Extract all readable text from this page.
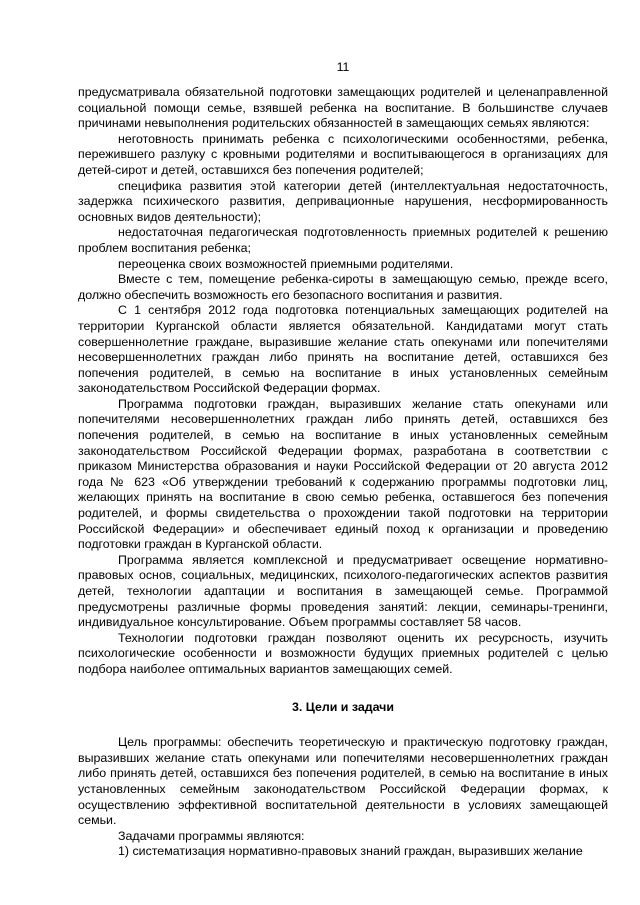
11

предусматривала обязательной подготовки замещающих родителей и целенаправленной социальной помощи семье, взявшей ребенка на воспитание. В большинстве случаев причинами невыполнения родительских обязанностей в замещающих семьях являются:

неготовность принимать ребенка с психологическими особенностями, ребенка, пережившего разлуку с кровными родителями и воспитывающегося в организациях для детей-сирот и детей, оставшихся без попечения родителей;

специфика развития этой категории детей (интеллектуальная недостаточность, задержка психического развития, депривационные нарушения, несформированность основных видов деятельности);

недостаточная педагогическая подготовленность приемных родителей к решению проблем воспитания ребенка;

переоценка своих возможностей приемными родителями.

Вместе с тем, помещение ребенка-сироты в замещающую семью, прежде всего, должно обеспечить возможность его безопасного воспитания и развития.

С 1 сентября 2012 года подготовка потенциальных замещающих родителей на территории Курганской области является обязательной. Кандидатами могут стать совершеннолетние граждане, выразившие желание стать опекунами или попечителями несовершеннолетних граждан либо принять на воспитание детей, оставшихся без попечения родителей, в семью на воспитание в иных установленных семейным законодательством Российской Федерации формах.

Программа подготовки граждан, выразивших желание стать опекунами или попечителями несовершеннолетних граждан либо принять детей, оставшихся без попечения родителей, в семью на воспитание в иных установленных семейным законодательством Российской Федерации формах, разработана в соответствии с приказом Министерства образования и науки Российской Федерации от 20 августа 2012 года № 623 «Об утверждении требований к содержанию программы подготовки лиц, желающих принять на воспитание в свою семью ребенка, оставшегося без попечения родителей, и формы свидетельства о прохождении такой подготовки на территории Российской Федерации» и обеспечивает единый поход к организации и проведению подготовки граждан в Курганской области.

Программа является комплексной и предусматривает освещение нормативно-правовых основ, социальных, медицинских, психолого-педагогических аспектов развития детей, технологии адаптации и воспитания в замещающей семье. Программой предусмотрены различные формы проведения занятий: лекции, семинары-тренинги, индивидуальное консультирование. Объем программы составляет 58 часов.

Технологии подготовки граждан позволяют оценить их ресурсность, изучить психологические особенности и возможности будущих приемных родителей с целью подбора наиболее оптимальных вариантов замещающих семей.

3. Цели и задачи

Цель программы: обеспечить теоретическую и практическую подготовку граждан, выразивших желание стать опекунами или попечителями несовершеннолетних граждан либо принять детей, оставшихся без попечения родителей, в семью на воспитание в иных установленных семейным законодательством Российской Федерации формах, к осуществлению эффективной воспитательной деятельности в условиях замещающей семьи.

Задачами программы являются:

1) систематизация нормативно-правовых знаний граждан, выразивших желание
